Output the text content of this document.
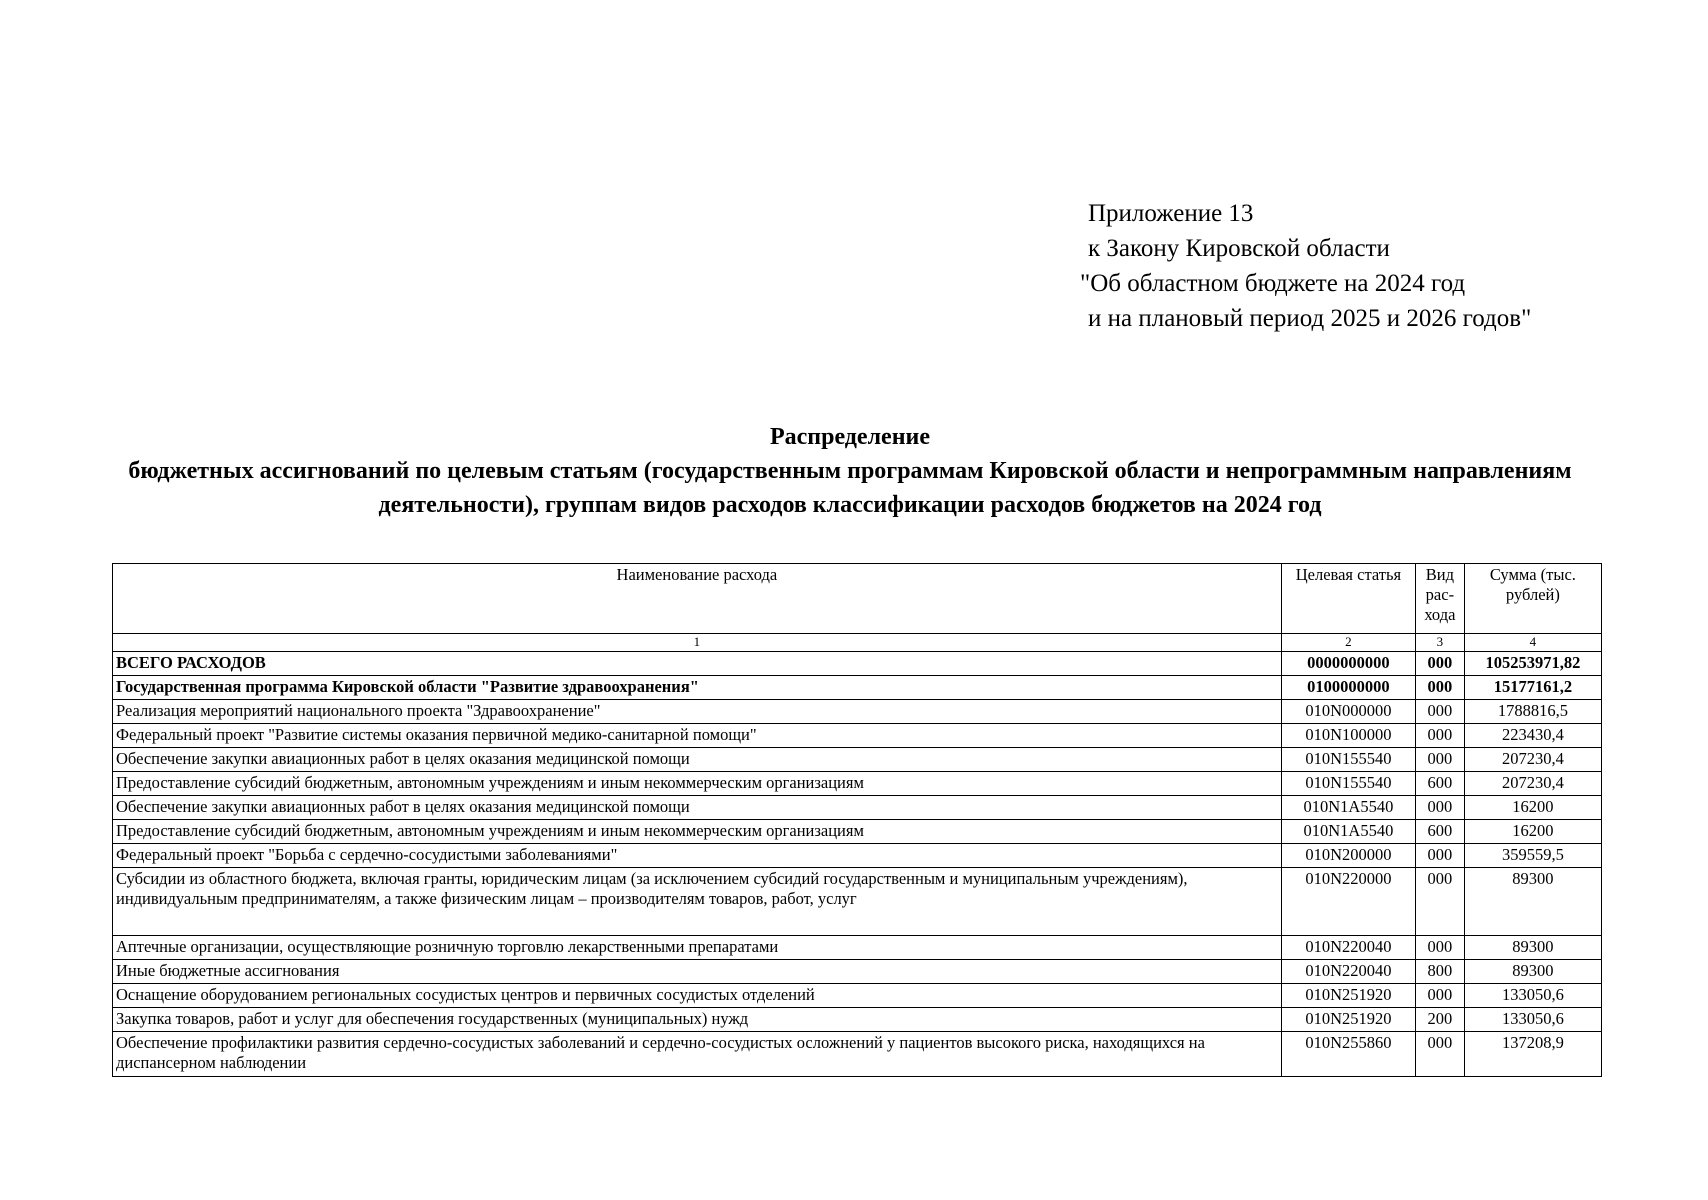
Приложение 13
к Закону Кировской области
"Об областном бюджете на 2024 год
и на плановый период 2025 и 2026 годов"
Распределение
бюджетных ассигнований по целевым статьям (государственным программам Кировской области и непрограммным направлениям деятельности), группам видов расходов классификации расходов бюджетов на 2024 год
Наименование расхода	Целевая статья	Вид рас-хода	Сумма (тыс. рублей)
1	2	3	4
ВСЕГО РАСХОДОВ	0000000000	000	105253971,82
Государственная программа Кировской области "Развитие здравоохранения"	0100000000	000	15177161,2
Реализация мероприятий национального проекта "Здравоохранение"	010N000000	000	1788816,5
Федеральный проект "Развитие системы оказания первичной медико-санитарной помощи"	010N100000	000	223430,4
Обеспечение закупки авиационных работ в целях оказания медицинской помощи	010N155540	000	207230,4
Предоставление субсидий бюджетным, автономным учреждениям и иным некоммерческим организациям	010N155540	600	207230,4
Обеспечение закупки авиационных работ в целях оказания медицинской помощи	010N1A5540	000	16200
Предоставление субсидий бюджетным, автономным учреждениям и иным некоммерческим организациям	010N1A5540	600	16200
Федеральный проект "Борьба с сердечно-сосудистыми заболеваниями"	010N200000	000	359559,5
Субсидии из областного бюджета, включая гранты, юридическим лицам (за исключением субсидий государственным и муниципальным учреждениям), индивидуальным предпринимателям, а также физическим лицам – производителям товаров, работ, услуг	010N220000	000	89300
Аптечные организации, осуществляющие розничную торговлю лекарственными препаратами	010N220040	000	89300
Иные бюджетные ассигнования	010N220040	800	89300
Оснащение оборудованием региональных сосудистых центров и первичных сосудистых отделений	010N251920	000	133050,6
Закупка товаров, работ и услуг для обеспечения государственных (муниципальных) нужд	010N251920	200	133050,6
Обеспечение профилактики развития сердечно-сосудистых заболеваний и сердечно-сосудистых осложнений у пациентов высокого риска, находящихся на диспансерном наблюдении	010N255860	000	137208,9
